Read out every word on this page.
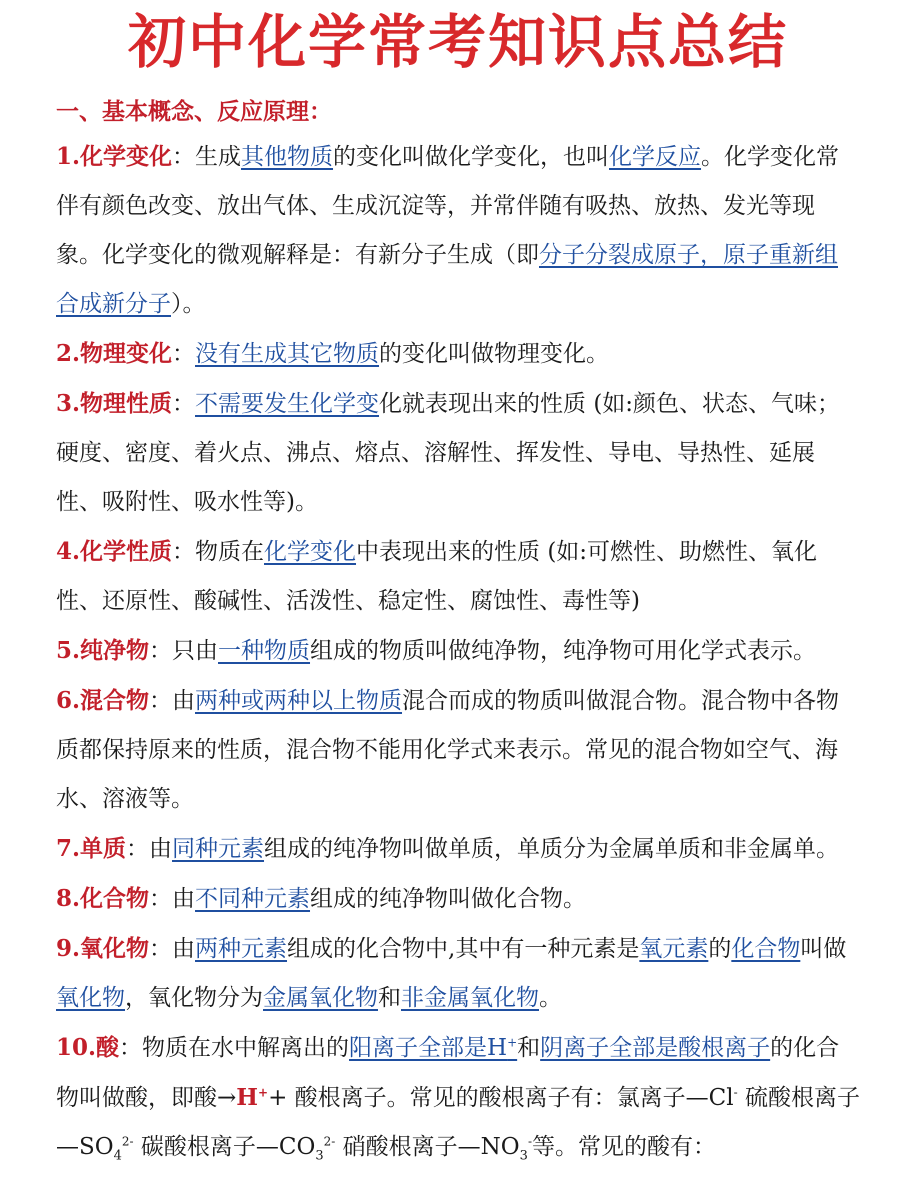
初中化学常考知识点总结
一、基本概念、反应原理：

1.化学变化：生成其他物质的变化叫做化学变化，也叫化学反应。化学变化常伴有颜色改变、放出气体、生成沉淀等，并常伴随有吸热、放热、发光等现象。化学变化的微观解释是：有新分子生成（即分子分裂成原子，原子重新组合成新分子）。

2.物理变化：没有生成其它物质的变化叫做物理变化。

3.物理性质：不需要发生化学变化就表现出来的性质 (如:颜色、状态、气味；硬度、密度、着火点、沸点、熔点、溶解性、挥发性、导电、导热性、延展性、吸附性、吸水性等)。

4.化学性质：物质在化学变化中表现出来的性质 (如:可燃性、助燃性、氧化性、还原性、酸碱性、活泼性、稳定性、腐蚀性、毒性等)

5.纯净物：只由一种物质组成的物质叫做纯净物，纯净物可用化学式表示。

6.混合物：由两种或两种以上物质混合而成的物质叫做混合物。混合物中各物质都保持原来的性质，混合物不能用化学式来表示。常见的混合物如空气、海水、溶液等。

7.单质：由同种元素组成的纯净物叫做单质，单质分为金属单质和非金属单。

8.化合物：由不同种元素组成的纯净物叫做化合物。

9.氧化物：由两种元素组成的化合物中,其中有一种元素是氧元素的化合物叫做氧化物，氧化物分为金属氧化物和非金属氧化物。

10.酸：物质在水中解离出的阳离子全部是H+和阴离子全部是酸根离子的化合物叫做酸，即酸→H++ 酸根离子。常见的酸根离子有：氯离子—Cl- 硫酸根离子$—SO_4^{2-}$ 碳酸根离子$—CO_3^{2-}$ 硝酸根离子$—NO_3^-$等。常见的酸有：
